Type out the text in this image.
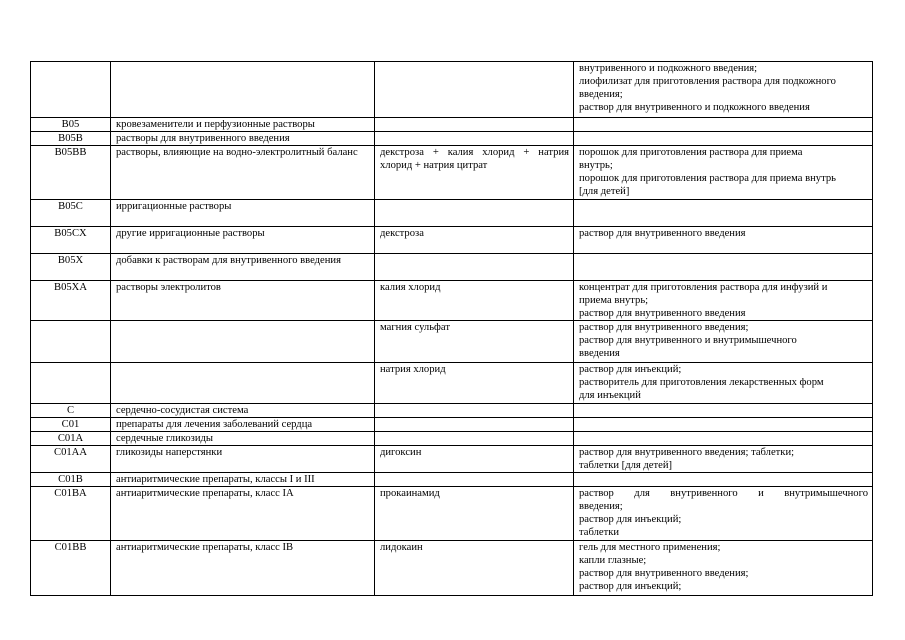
			внутривенного и подкожного введения;
лиофилизат для приготовления раствора для подкожного
введения;
раствор для внутривенного и подкожного введения

B05	кровезаменители и перфузионные растворы		
B05B	растворы для внутривенного введения		
B05BB	растворы, влияющие на водно-электролитный баланс	декстроза + калия хлорид + натрия хлорид + натрия цитрат	порошок для приготовления раствора для приема
внутрь;
порошок для приготовления раствора для приема внутрь
[для детей]

B05C	ирригационные растворы		
B05CX	другие ирригационные растворы	декстроза	раствор для внутривенного введения

B05X	добавки к растворам для внутривенного введения		
B05XA	растворы электролитов	калия хлорид	концентрат для приготовления раствора для инфузий и
приема внутрь;
раствор для внутривенного введения

		магния сульфат	раствор для внутривенного введения;
раствор для внутривенного и внутримышечного
введения

		натрия хлорид	раствор для инъекций;
растворитель для приготовления лекарственных форм
для инъекций

C	сердечно-сосудистая система		
C01	препараты для лечения заболеваний сердца		
C01A	сердечные гликозиды		
C01AA	гликозиды наперстянки	дигоксин	раствор для внутривенного введения; таблетки;
таблетки [для детей]

C01B	антиаритмические препараты, классы I и III		
C01BA	антиаритмические препараты, класс IA	прокаинамид	раствор для внутривенного и внутримышечного
введения;
раствор для инъекций;
таблетки

C01BB	антиаритмические препараты, класс IB	лидокаин	гель для местного применения;
капли глазные;
раствор для внутривенного введения;
раствор для инъекций;
